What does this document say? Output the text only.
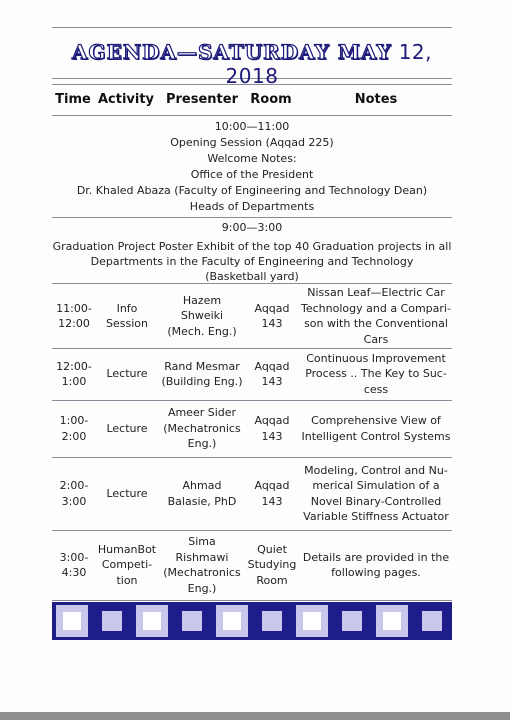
AGENDA—SATURDAY MAY 12, 2018
Time Activity Presenter Room	Notes
10:00—11:00
Opening Session (Aqqad 225)
Welcome Notes:
Office of the President
Dr. Khaled Abaza (Faculty of Engineering and Technology Dean)
Heads of Departments
9:00—3:00
Graduation Project Poster Exhibit of the top 40 Graduation projects in all
Departments in the Faculty of Engineering and Technology
(Basketball yard)
11:00-
12:00
Info
Session
Hazem
Shweiki
(Mech. Eng.)
Aqqad
143
Nissan Leaf—Electric Car
Technology and a Compari-
son with the Conventional
Cars
12:00-
1:00
Lecture
Rand Mesmar
(Building Eng.)
Aqqad
143
Continuous Improvement
Process .. The Key to Suc-
cess
1:00-
2:00
Lecture
Ameer Sider
(Mechatronics
Eng.)
Aqqad
143
Comprehensive View of
Intelligent Control Systems
2:00-
3:00
Lecture
Ahmad
Balasie, PhD
Aqqad
143
Modeling, Control and Nu-
merical Simulation of a
Novel Binary-Controlled
Variable Stiffness Actuator
3:00-
4:30
HumanBot
Competi-
tion
Sima
Rishmawi
(Mechatronics
Eng.)
Quiet
Studying
Room
Details are provided in the
following pages.
